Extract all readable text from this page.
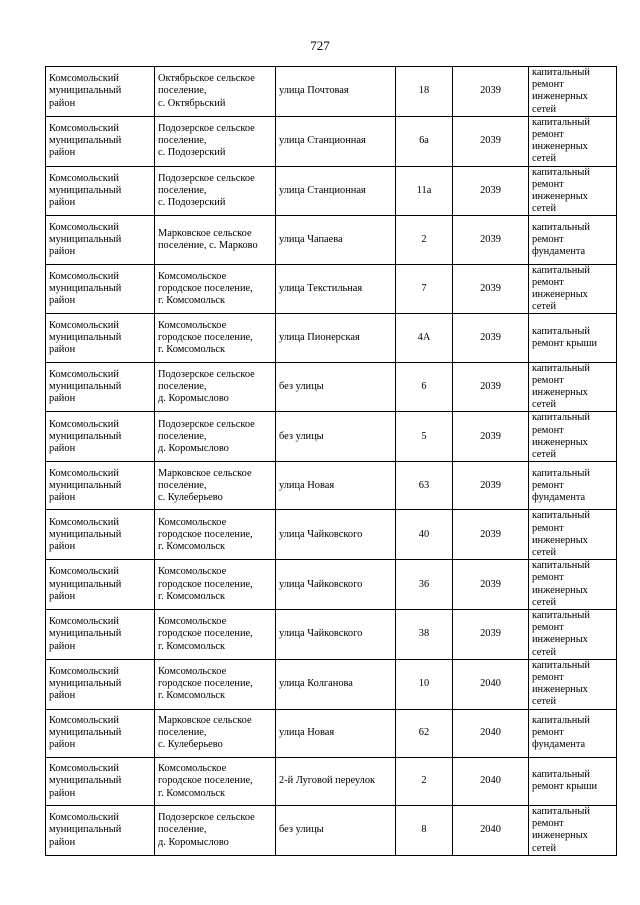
727
Комсомольский
муниципальный
район	Октябрьское сельское
поселение,
с. Октябрьский	улица Почтовая	18	2039	капитальный
ремонт
инженерных
сетей

Комсомольский
муниципальный
район	Подозерское сельское
поселение,
с. Подозерский	улица Станционная	6а	2039	капитальный
ремонт
инженерных
сетей

Комсомольский
муниципальный
район	Подозерское сельское
поселение,
с. Подозерский	улица Станционная	11а	2039	капитальный
ремонт
инженерных
сетей

Комсомольский
муниципальный
район	Марковское сельское
поселение, с. Марково	улица Чапаева	2	2039	капитальный
ремонт
фундамента

Комсомольский
муниципальный
район	Комсомольское
городское поселение,
г. Комсомольск	улица Текстильная	7	2039	капитальный
ремонт
инженерных
сетей

Комсомольский
муниципальный
район	Комсомольское
городское поселение,
г. Комсомольск	улица Пионерская	4А	2039	капитальный
ремонт крыши

Комсомольский
муниципальный
район	Подозерское сельское
поселение,
д. Коромыслово	без улицы	6	2039	капитальный
ремонт
инженерных
сетей

Комсомольский
муниципальный
район	Подозерское сельское
поселение,
д. Коромыслово	без улицы	5	2039	капитальный
ремонт
инженерных
сетей

Комсомольский
муниципальный
район	Марковское сельское
поселение,
с. Кулеберьево	улица Новая	63	2039	капитальный
ремонт
фундамента

Комсомольский
муниципальный
район	Комсомольское
городское поселение,
г. Комсомольск	улица Чайковского	40	2039	капитальный
ремонт
инженерных
сетей

Комсомольский
муниципальный
район	Комсомольское
городское поселение,
г. Комсомольск	улица Чайковского	36	2039	капитальный
ремонт
инженерных
сетей

Комсомольский
муниципальный
район	Комсомольское
городское поселение,
г. Комсомольск	улица Чайковского	38	2039	капитальный
ремонт
инженерных
сетей

Комсомольский
муниципальный
район	Комсомольское
городское поселение,
г. Комсомольск	улица Колганова	10	2040	капитальный
ремонт
инженерных
сетей

Комсомольский
муниципальный
район	Марковское сельское
поселение,
с. Кулеберьево	улица Новая	62	2040	капитальный
ремонт
фундамента

Комсомольский
муниципальный
район	Комсомольское
городское поселение,
г. Комсомольск	2-й Луговой переулок	2	2040	капитальный
ремонт крыши

Комсомольский
муниципальный
район	Подозерское сельское
поселение,
д. Коромыслово	без улицы	8	2040	капитальный
ремонт
инженерных
сетей
